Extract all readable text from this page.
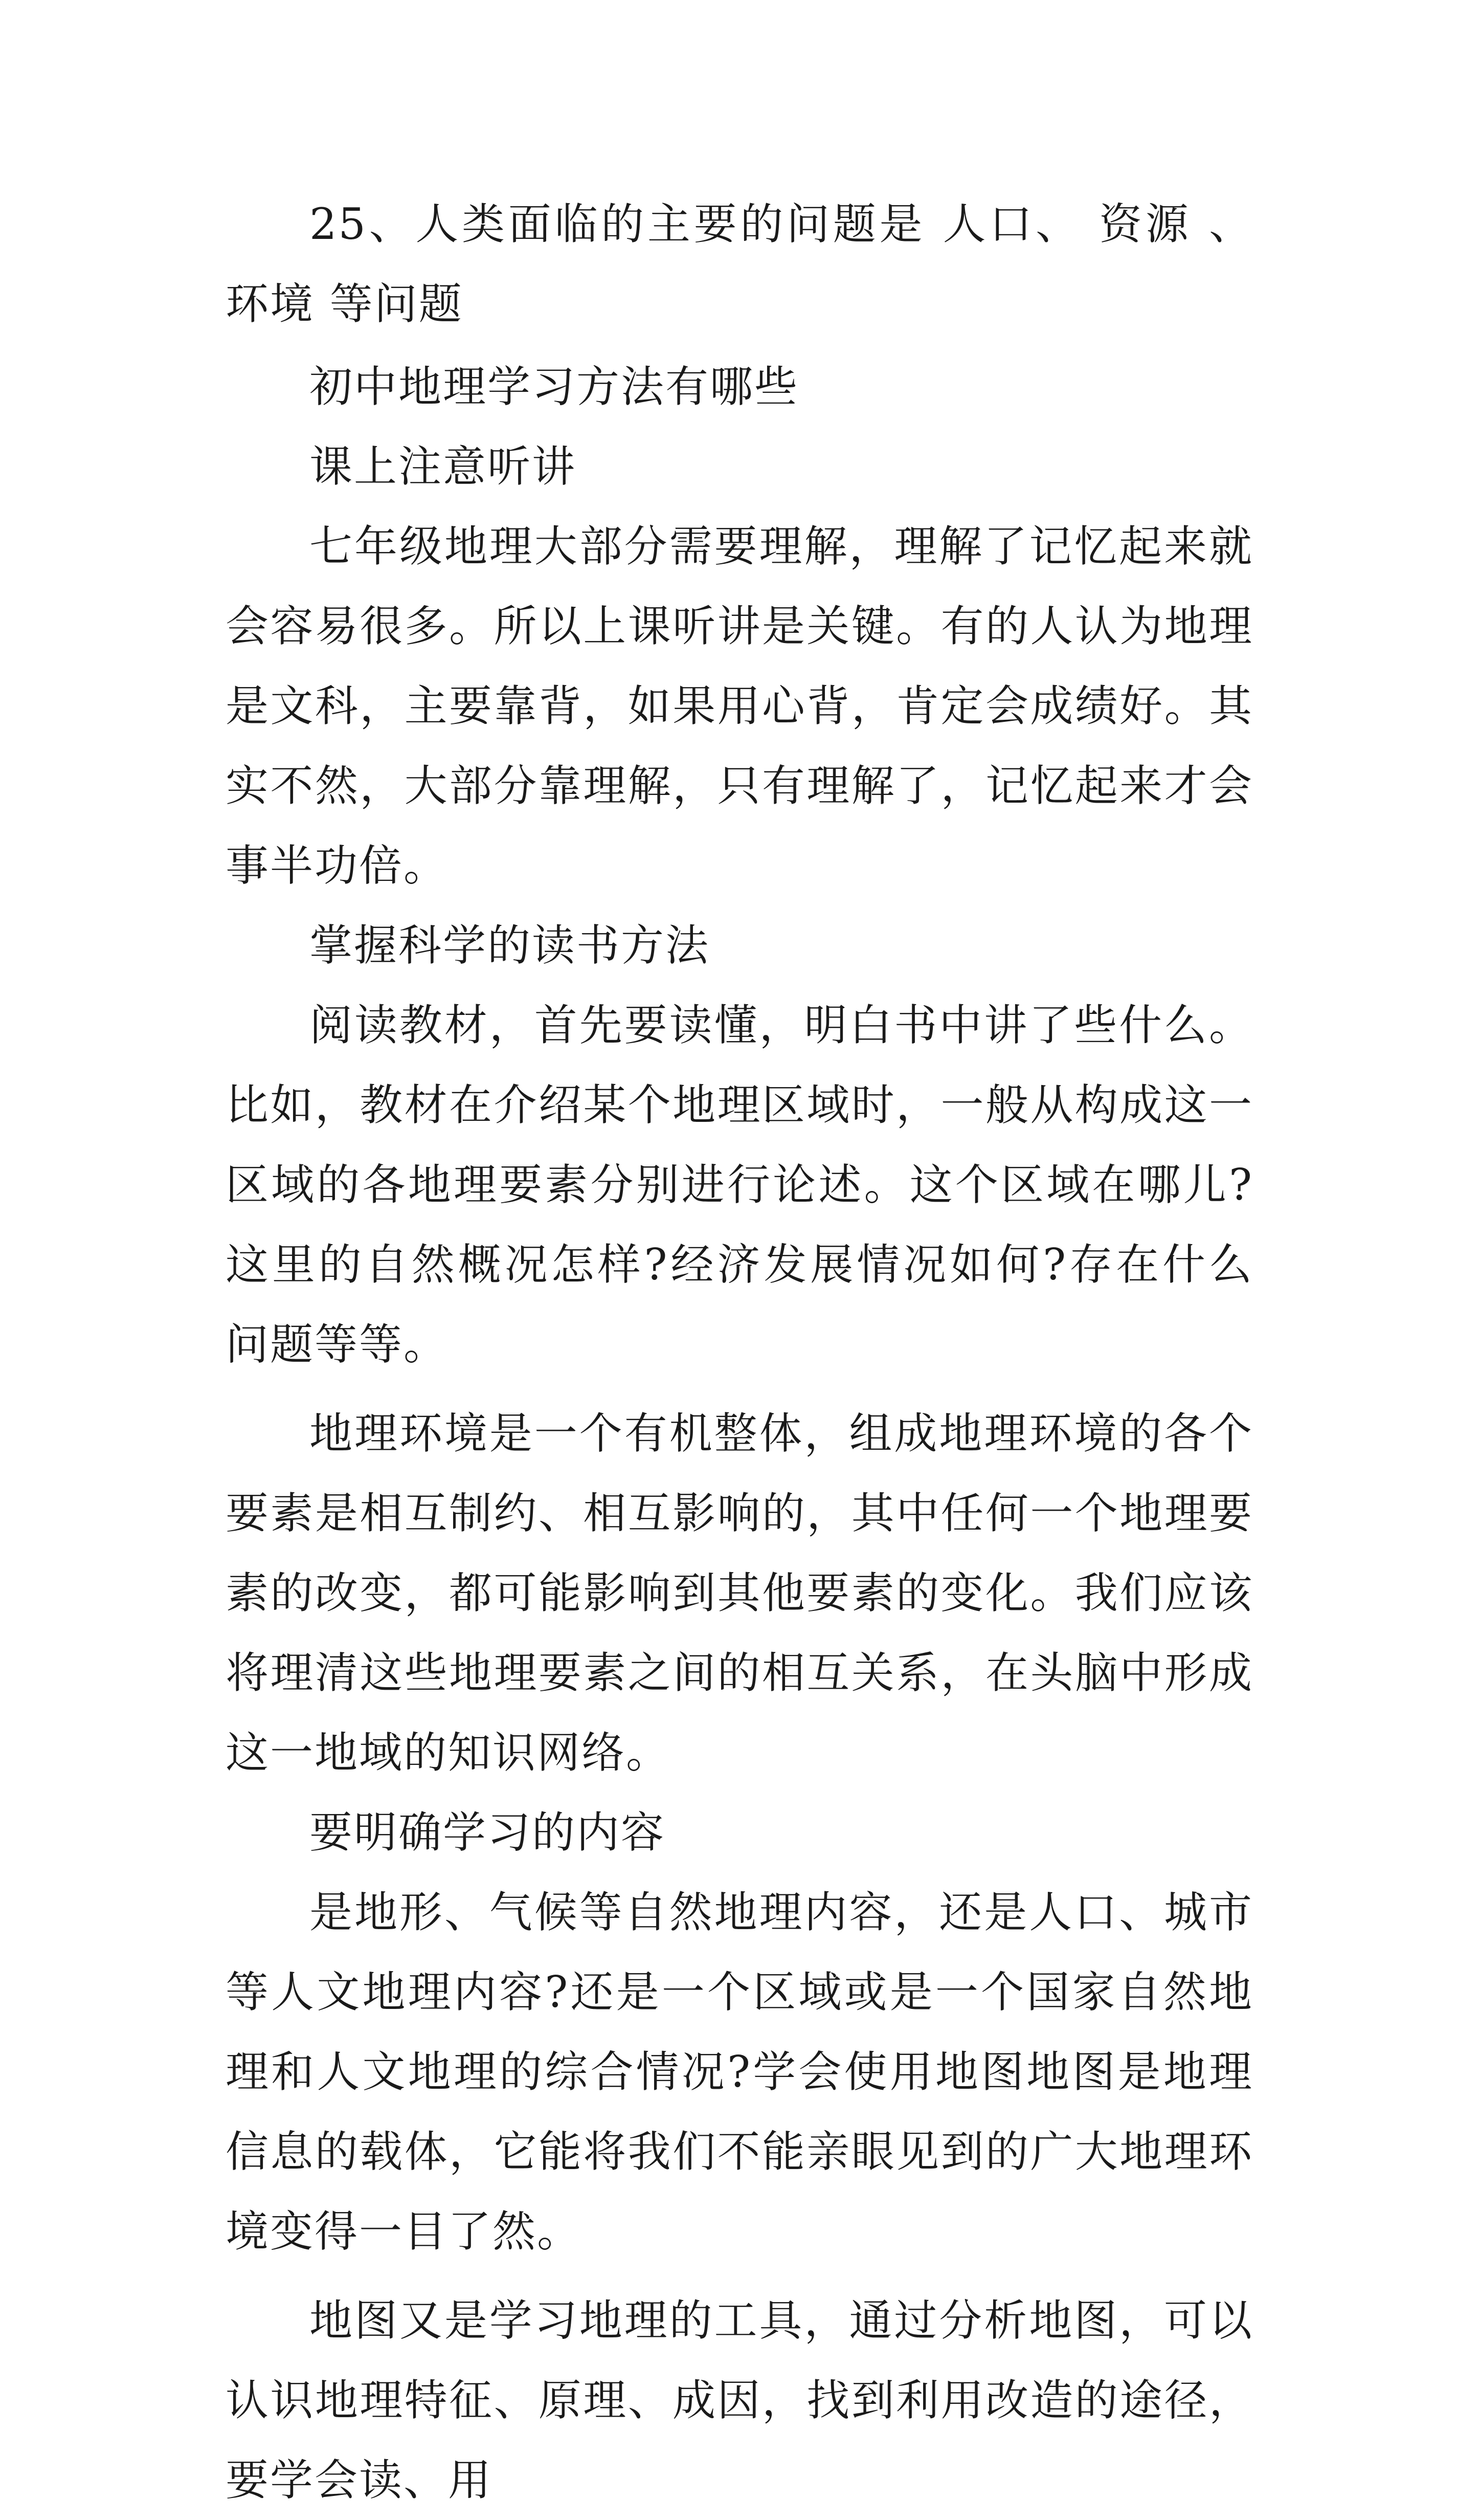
25、人类面临的主要的问题是 人口、 资源 、环境 等问题

初中地理学习方法有哪些

课上注意听讲

七年级地理大部分需要理解，理解了记忆起来就会容易很多。所以上课听讲是关键。有的人认为地理是文科，主要靠背，如果用心背，肯定会成绩好。其实不然，大部分靠理解，只有理解了，记忆起来才会事半功倍。

掌握科学的读书方法

阅读教材，首先要读懂，明白书中讲了些什么。比如，教材在介绍某个地理区域时，一般从构成这一区域的各地理要素分别进行论述。这个区域在哪儿?这里的自然概况怎样?经济发展情况如何?存在什么问题等等。

地理环境是一个有机整体，组成地理环境的各个要素是相互制约、相互影响的，其中任何一个地理要素的改变，都可能影响到其他要素的变化。我们应该将理清这些地理要素之间的相互关系，在头脑中形成这一地域的知识网络。

要明确学习的内容

是地形、气候等自然地理内容，还是人口、城市等人文地理内容?还是一个区域或是一个国家自然地理和人文地理的综合情况?学会使用地图地图是地理信息的载体，它能将我们不能亲眼见到的广大地理环境变得一目了然。

地图又是学习地理的工具，通过分析地图，可以认识地理特征、原理、成因，找到利用改造的途径，要学会读、用
